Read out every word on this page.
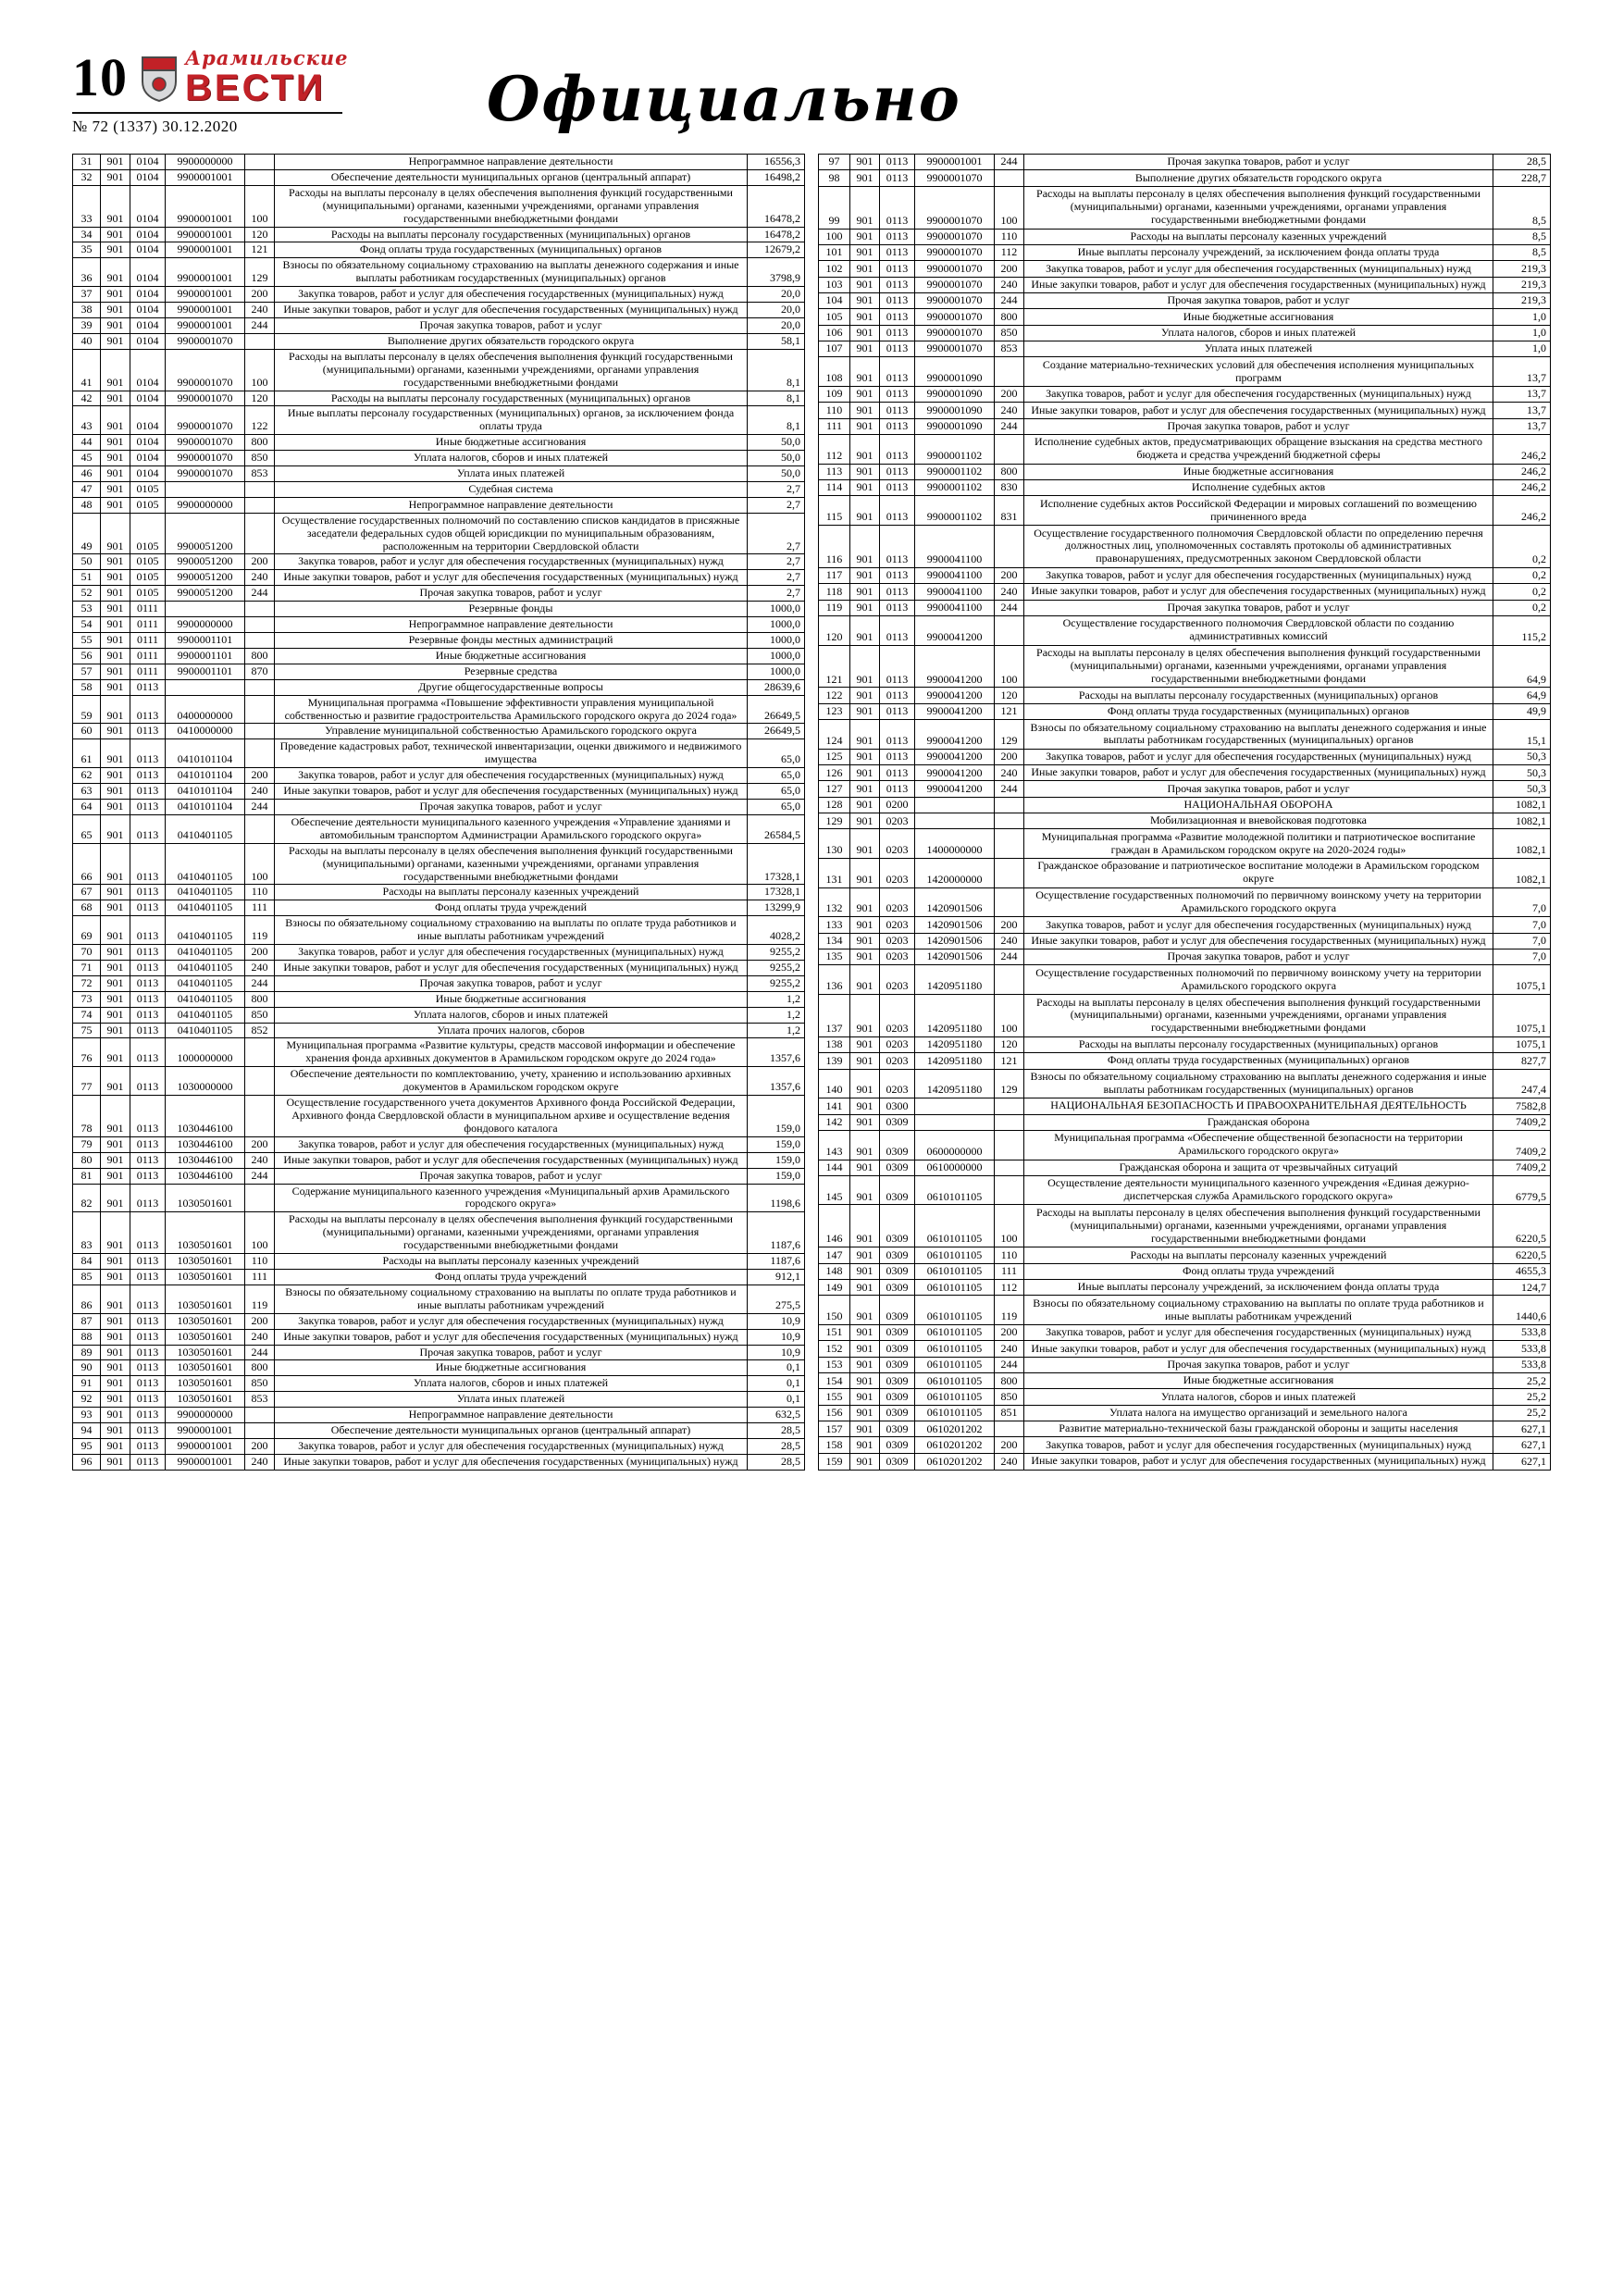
10	Арамильские
ВЕСТИ
№ 72 (1337) 30.12.2020	Официально
31	901	0104	9900000000		Непрограммное направление деятельности	16556,3
32	901	0104	9900001001		Обеспечение деятельности муниципальных органов (центральный аппарат)	16498,2
33	901	0104	9900001001	100	Расходы на выплаты персоналу в целях обеспечения выполнения функций государственными (муниципальными) органами, казенными учреждениями, органами управления государственными внебюджетными фондами	16478,2
34	901	0104	9900001001	120	Расходы на выплаты персоналу государственных (муниципальных) органов	16478,2
35	901	0104	9900001001	121	Фонд оплаты труда государственных (муниципальных) органов	12679,2
36	901	0104	9900001001	129	Взносы по обязательному социальному страхованию на выплаты денежного содержания и иные выплаты работникам государственных (муниципальных) органов	3798,9
37	901	0104	9900001001	200	Закупка товаров, работ и услуг для обеспечения государственных (муниципальных) нужд	20,0
38	901	0104	9900001001	240	Иные закупки товаров, работ и услуг для обеспечения государственных (муниципальных) нужд	20,0
39	901	0104	9900001001	244	Прочая закупка товаров, работ и услуг	20,0
40	901	0104	9900001070		Выполнение других обязательств городского округа	58,1
41	901	0104	9900001070	100	Расходы на выплаты персоналу в целях обеспечения выполнения функций государственными (муниципальными) органами, казенными учреждениями, органами управления государственными внебюджетными фондами	8,1
42	901	0104	9900001070	120	Расходы на выплаты персоналу государственных (муниципальных) органов	8,1
43	901	0104	9900001070	122	Иные выплаты персоналу государственных (муниципальных) органов, за исключением фонда оплаты труда	8,1
44	901	0104	9900001070	800	Иные бюджетные ассигнования	50,0
45	901	0104	9900001070	850	Уплата налогов, сборов и иных платежей	50,0
46	901	0104	9900001070	853	Уплата иных платежей	50,0
47	901	0105			Судебная система	2,7
48	901	0105	9900000000		Непрограммное направление деятельности	2,7
49	901	0105	9900051200		Осуществление государственных полномочий по составлению списков кандидатов в присяжные заседатели федеральных судов общей юрисдикции по муниципальным образованиям, расположенным на территории Свердловской области	2,7
50	901	0105	9900051200	200	Закупка товаров, работ и услуг для обеспечения государственных (муниципальных) нужд	2,7
51	901	0105	9900051200	240	Иные закупки товаров, работ и услуг для обеспечения государственных (муниципальных) нужд	2,7
52	901	0105	9900051200	244	Прочая закупка товаров, работ и услуг	2,7
53	901	0111			Резервные фонды	1000,0
54	901	0111	9900000000		Непрограммное направление деятельности	1000,0
55	901	0111	9900001101		Резервные фонды местных администраций	1000,0
56	901	0111	9900001101	800	Иные бюджетные ассигнования	1000,0
57	901	0111	9900001101	870	Резервные средства	1000,0
58	901	0113			Другие общегосударственные вопросы	28639,6
59	901	0113	0400000000		Муниципальная программа «Повышение эффективности управления муниципальной собственностью и развитие градостроительства Арамильского городского округа до 2024 года»	26649,5
60	901	0113	0410000000		Управление муниципальной собственностью Арамильского городского округа	26649,5
61	901	0113	0410101104		Проведение кадастровых работ, технической инвентаризации, оценки движимого и недвижимого имущества	65,0
62	901	0113	0410101104	200	Закупка товаров, работ и услуг для обеспечения государственных (муниципальных) нужд	65,0
63	901	0113	0410101104	240	Иные закупки товаров, работ и услуг для обеспечения государственных (муниципальных) нужд	65,0
64	901	0113	0410101104	244	Прочая закупка товаров, работ и услуг	65,0
65	901	0113	0410401105		Обеспечение деятельности муниципального казенного учреждения «Управление зданиями и автомобильным транспортом Администрации Арамильского городского округа»	26584,5
66	901	0113	0410401105	100	Расходы на выплаты персоналу в целях обеспечения выполнения функций государственными (муниципальными) органами, казенными учреждениями, органами управления государственными внебюджетными фондами	17328,1
67	901	0113	0410401105	110	Расходы на выплаты персоналу казенных учреждений	17328,1
68	901	0113	0410401105	111	Фонд оплаты труда учреждений	13299,9
69	901	0113	0410401105	119	Взносы по обязательному социальному страхованию на выплаты по оплате труда работников и иные выплаты работникам учреждений	4028,2
70	901	0113	0410401105	200	Закупка товаров, работ и услуг для обеспечения государственных (муниципальных) нужд	9255,2
71	901	0113	0410401105	240	Иные закупки товаров, работ и услуг для обеспечения государственных (муниципальных) нужд	9255,2
72	901	0113	0410401105	244	Прочая закупка товаров, работ и услуг	9255,2
73	901	0113	0410401105	800	Иные бюджетные ассигнования	1,2
74	901	0113	0410401105	850	Уплата налогов, сборов и иных платежей	1,2
75	901	0113	0410401105	852	Уплата прочих налогов, сборов	1,2
76	901	0113	1000000000		Муниципальная программа «Развитие культуры, средств массовой информации и обеспечение хранения фонда архивных документов в Арамильском городском округе до 2024 года»	1357,6
77	901	0113	1030000000		Обеспечение деятельности по комплектованию, учету, хранению и использованию архивных документов в Арамильском городском округе	1357,6
78	901	0113	1030446100		Осуществление государственного учета документов Архивного фонда Российской Федерации, Архивного фонда Свердловской области в муниципальном архиве и осуществление ведения фондового каталога	159,0
79	901	0113	1030446100	200	Закупка товаров, работ и услуг для обеспечения государственных (муниципальных) нужд	159,0
80	901	0113	1030446100	240	Иные закупки товаров, работ и услуг для обеспечения государственных (муниципальных) нужд	159,0
81	901	0113	1030446100	244	Прочая закупка товаров, работ и услуг	159,0
82	901	0113	1030501601		Содержание муниципального казенного учреждения «Муниципальный архив Арамильского городского округа»	1198,6
83	901	0113	1030501601	100	Расходы на выплаты персоналу в целях обеспечения выполнения функций государственными (муниципальными) органами, казенными учреждениями, органами управления государственными внебюджетными фондами	1187,6
84	901	0113	1030501601	110	Расходы на выплаты персоналу казенных учреждений	1187,6
85	901	0113	1030501601	111	Фонд оплаты труда учреждений	912,1
86	901	0113	1030501601	119	Взносы по обязательному социальному страхованию на выплаты по оплате труда работников и иные выплаты работникам учреждений	275,5
87	901	0113	1030501601	200	Закупка товаров, работ и услуг для обеспечения государственных (муниципальных) нужд	10,9
88	901	0113	1030501601	240	Иные закупки товаров, работ и услуг для обеспечения государственных (муниципальных) нужд	10,9
89	901	0113	1030501601	244	Прочая закупка товаров, работ и услуг	10,9
90	901	0113	1030501601	800	Иные бюджетные ассигнования	0,1
91	901	0113	1030501601	850	Уплата налогов, сборов и иных платежей	0,1
92	901	0113	1030501601	853	Уплата иных платежей	0,1
93	901	0113	9900000000		Непрограммное направление деятельности	632,5
94	901	0113	9900001001		Обеспечение деятельности муниципальных органов (центральный аппарат)	28,5
95	901	0113	9900001001	200	Закупка товаров, работ и услуг для обеспечения государственных (муниципальных) нужд	28,5
96	901	0113	9900001001	240	Иные закупки товаров, работ и услуг для обеспечения государственных (муниципальных) нужд	28,5
97	901	0113	9900001001	244	Прочая закупка товаров, работ и услуг	28,5
98	901	0113	9900001070		Выполнение других обязательств городского округа	228,7
99	901	0113	9900001070	100	Расходы на выплаты персоналу в целях обеспечения выполнения функций государственными (муниципальными) органами, казенными учреждениями, органами управления государственными внебюджетными фондами	8,5
100	901	0113	9900001070	110	Расходы на выплаты персоналу казенных учреждений	8,5
101	901	0113	9900001070	112	Иные выплаты персоналу учреждений, за исключением фонда оплаты труда	8,5
102	901	0113	9900001070	200	Закупка товаров, работ и услуг для обеспечения государственных (муниципальных) нужд	219,3
103	901	0113	9900001070	240	Иные закупки товаров, работ и услуг для обеспечения государственных (муниципальных) нужд	219,3
104	901	0113	9900001070	244	Прочая закупка товаров, работ и услуг	219,3
105	901	0113	9900001070	800	Иные бюджетные ассигнования	1,0
106	901	0113	9900001070	850	Уплата налогов, сборов и иных платежей	1,0
107	901	0113	9900001070	853	Уплата иных платежей	1,0
108	901	0113	9900001090		Создание материально-технических условий для обеспечения исполнения муниципальных программ	13,7
109	901	0113	9900001090	200	Закупка товаров, работ и услуг для обеспечения государственных (муниципальных) нужд	13,7
110	901	0113	9900001090	240	Иные закупки товаров, работ и услуг для обеспечения государственных (муниципальных) нужд	13,7
111	901	0113	9900001090	244	Прочая закупка товаров, работ и услуг	13,7
112	901	0113	9900001102		Исполнение судебных актов, предусматривающих обращение взыскания на средства местного бюджета и средства учреждений бюджетной сферы	246,2
113	901	0113	9900001102	800	Иные бюджетные ассигнования	246,2
114	901	0113	9900001102	830	Исполнение судебных актов	246,2
115	901	0113	9900001102	831	Исполнение судебных актов Российской Федерации и мировых соглашений по возмещению причиненного вреда	246,2
116	901	0113	9900041100		Осуществление государственного полномочия Свердловской области по определению перечня должностных лиц, уполномоченных составлять протоколы об административных правонарушениях, предусмотренных законом Свердловской области	0,2
117	901	0113	9900041100	200	Закупка товаров, работ и услуг для обеспечения государственных (муниципальных) нужд	0,2
118	901	0113	9900041100	240	Иные закупки товаров, работ и услуг для обеспечения государственных (муниципальных) нужд	0,2
119	901	0113	9900041100	244	Прочая закупка товаров, работ и услуг	0,2
120	901	0113	9900041200		Осуществление государственного полномочия Свердловской области по созданию административных комиссий	115,2
121	901	0113	9900041200	100	Расходы на выплаты персоналу в целях обеспечения выполнения функций государственными (муниципальными) органами, казенными учреждениями, органами управления государственными внебюджетными фондами	64,9
122	901	0113	9900041200	120	Расходы на выплаты персоналу государственных (муниципальных) органов	64,9
123	901	0113	9900041200	121	Фонд оплаты труда государственных (муниципальных) органов	49,9
124	901	0113	9900041200	129	Взносы по обязательному социальному страхованию на выплаты денежного содержания и иные выплаты работникам государственных (муниципальных) органов	15,1
125	901	0113	9900041200	200	Закупка товаров, работ и услуг для обеспечения государственных (муниципальных) нужд	50,3
126	901	0113	9900041200	240	Иные закупки товаров, работ и услуг для обеспечения государственных (муниципальных) нужд	50,3
127	901	0113	9900041200	244	Прочая закупка товаров, работ и услуг	50,3
128	901	0200			НАЦИОНАЛЬНАЯ ОБОРОНА	1082,1
129	901	0203			Мобилизационная и вневойсковая подготовка	1082,1
130	901	0203	1400000000		Муниципальная программа «Развитие молодежной политики и патриотическое воспитание граждан в Арамильском городском округе на 2020-2024 годы»	1082,1
131	901	0203	1420000000		Гражданское образование и патриотическое воспитание молодежи в Арамильском городском округе	1082,1
132	901	0203	1420901506		Осуществление государственных полномочий по первичному воинскому учету на территории Арамильского городского округа	7,0
133	901	0203	1420901506	200	Закупка товаров, работ и услуг для обеспечения государственных (муниципальных) нужд	7,0
134	901	0203	1420901506	240	Иные закупки товаров, работ и услуг для обеспечения государственных (муниципальных) нужд	7,0
135	901	0203	1420901506	244	Прочая закупка товаров, работ и услуг	7,0
136	901	0203	1420951180		Осуществление государственных полномочий по первичному воинскому учету на территории Арамильского городского округа	1075,1
137	901	0203	1420951180	100	Расходы на выплаты персоналу в целях обеспечения выполнения функций государственными (муниципальными) органами, казенными учреждениями, органами управления государственными внебюджетными фондами	1075,1
138	901	0203	1420951180	120	Расходы на выплаты персоналу государственных (муниципальных) органов	1075,1
139	901	0203	1420951180	121	Фонд оплаты труда государственных (муниципальных) органов	827,7
140	901	0203	1420951180	129	Взносы по обязательному социальному страхованию на выплаты денежного содержания и иные выплаты работникам государственных (муниципальных) органов	247,4
141	901	0300			НАЦИОНАЛЬНАЯ БЕЗОПАСНОСТЬ И ПРАВООХРАНИТЕЛЬНАЯ ДЕЯТЕЛЬНОСТЬ	7582,8
142	901	0309			Гражданская оборона	7409,2
143	901	0309	0600000000		Муниципальная программа «Обеспечение общественной безопасности на территории Арамильского городского округа»	7409,2
144	901	0309	0610000000		Гражданская оборона и защита от чрезвычайных ситуаций	7409,2
145	901	0309	0610101105		Осуществление деятельности муниципального казенного учреждения «Единая дежурно-диспетчерская служба Арамильского городского округа»	6779,5
146	901	0309	0610101105	100	Расходы на выплаты персоналу в целях обеспечения выполнения функций государственными (муниципальными) органами, казенными учреждениями, органами управления государственными внебюджетными фондами	6220,5
147	901	0309	0610101105	110	Расходы на выплаты персоналу казенных учреждений	6220,5
148	901	0309	0610101105	111	Фонд оплаты труда учреждений	4655,3
149	901	0309	0610101105	112	Иные выплаты персоналу учреждений, за исключением фонда оплаты труда	124,7
150	901	0309	0610101105	119	Взносы по обязательному социальному страхованию на выплаты по оплате труда работников и иные выплаты работникам учреждений	1440,6
151	901	0309	0610101105	200	Закупка товаров, работ и услуг для обеспечения государственных (муниципальных) нужд	533,8
152	901	0309	0610101105	240	Иные закупки товаров, работ и услуг для обеспечения государственных (муниципальных) нужд	533,8
153	901	0309	0610101105	244	Прочая закупка товаров, работ и услуг	533,8
154	901	0309	0610101105	800	Иные бюджетные ассигнования	25,2
155	901	0309	0610101105	850	Уплата налогов, сборов и иных платежей	25,2
156	901	0309	0610101105	851	Уплата налога на имущество организаций и земельного налога	25,2
157	901	0309	0610201202		Развитие материально-технической базы гражданской обороны и защиты населения	627,1
158	901	0309	0610201202	200	Закупка товаров, работ и услуг для обеспечения государственных (муниципальных) нужд	627,1
159	901	0309	0610201202	240	Иные закупки товаров, работ и услуг для обеспечения государственных (муниципальных) нужд	627,1
